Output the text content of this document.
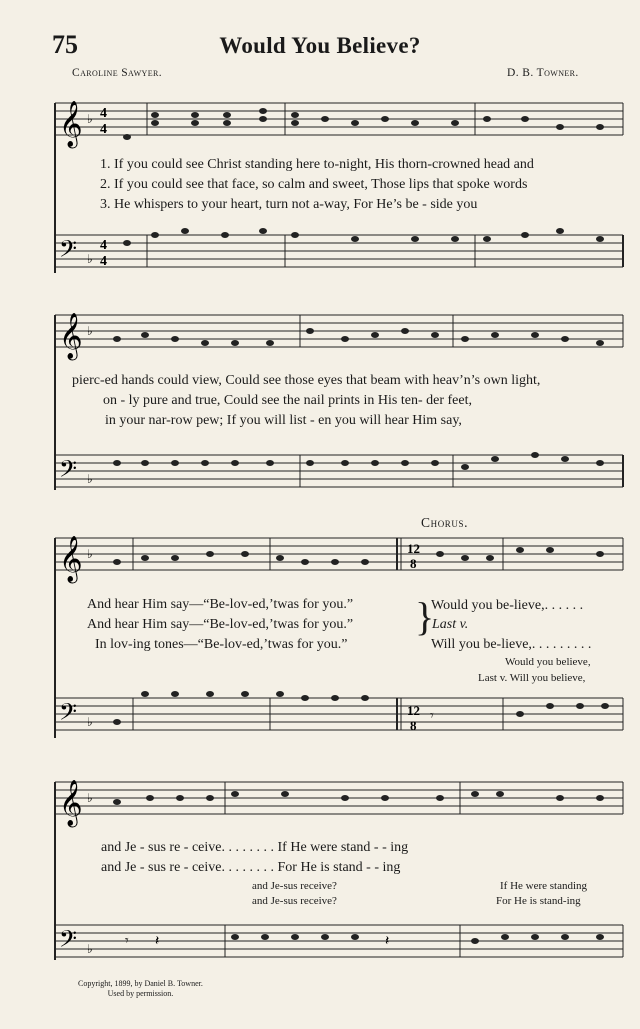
75	Would You Believe?
Caroline Sawyer.	D. B. Towner.
𝄞 ♭ 4
4
1. If you could see Christ standing here to-night, His thorn-crowned head and
2. If you could see that face, so calm and sweet, Those lips that spoke words
3. He whispers to your heart, turn not a-way, For He’s be - side you
𝄢 ♭
4
4
𝄞 ♭
pierc-ed hands could view, Could see those eyes that beam with heav’n’s own light,
on - ly pure and true, Could see the nail prints in His ten- der feet,
in your nar-row pew; If you will list - en you will hear Him say,
𝄢 ♭
Chorus.
𝄞 ♭	12
8
And hear Him say—“Be-lov-ed,’twas for you.”
And hear Him say—“Be-lov-ed,’twas for you.”
In lov-ing tones—“Be-lov-ed,’twas for you.”
}
Would you be-lieve,. . . . . .
Last v.
Will you be-lieve,. . . . . . . . .
Would you believe,
Last v. Will you believe,
𝄢 ♭
12
8
𝄾
𝄞 ♭
and Je - sus re - ceive. . . . . . . . If He were stand - - ing
and Je - sus re - ceive. . . . . . . . For He is stand - - ing
and Je-sus receive?
and Je-sus receive?
If He were standing
For He is stand-ing
𝄢 ♭ 𝄾 𝄽	𝄽
Copyright, 1899, by Daniel B. Towner.
Used by permission.
